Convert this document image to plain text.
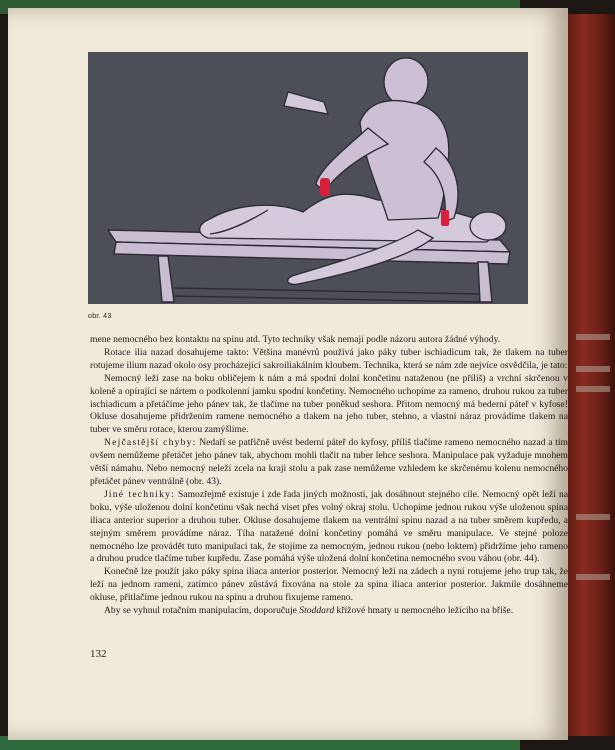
obr. 43

mene nemocného bez kontaktu na spinu atd. Tyto techniky však nemají podle názoru autora žádné výhody.

Rotace ilia nazad dosahujeme takto: Většina manévrů používá jako páky tuber ischiadicum tak, že tlakem na tuber rotujeme ilium nazad okolo osy procházející sakroiliakálním kloubem. Technika, která se nám zde nejvíce osvědčila, je tato:

Nemocný leží zase na boku obličejem k nám a má spodní dolní končetinu nataženou (ne příliš) a vrchní skrčenou v koleně a opírající se nártem o podkolenní jamku spodní končetiny. Nemocného uchopíme za rameno, druhou rukou za tuber ischiadicum a přetáčíme jeho pánev tak, že tlačíme na tuber poněkud seshora. Přitom nemocný má bederní páteř v kyfose! Okluse dosahujeme přidržením ramene nemocného a tlakem na jeho tuber, stehno, a vlastní náraz provádíme tlakem na tuber ve směru rotace, kterou zamýšlíme.

Nejčastější chyby: Nedaří se patřičně uvést bederní páteř do kyfosy, příliš tlačíme rameno nemocného nazad a tím ovšem nemůžeme přetáčet jeho pánev tak, abychom mohli tlačit na tuber lehce seshora. Manipulace pak vyžaduje mnohem větší námahu. Nebo nemocný neleží zcela na kraji stolu a pak zase nemůžeme vzhledem ke skrčenému kolenu nemocného přetáčet pánev ventrálně (obr. 43).

Jiné techniky: Samozřejmě existuje i zde řada jiných možností, jak dosáhnout stejného cíle. Nemocný opět leží na boku, výše uloženou dolní končetinu však nechá viset přes volný okraj stolu. Uchopíme jednou rukou výše uloženou spina iliaca anterior superior a druhou tuber. Okluse dosahujeme tlakem na ventrální spinu nazad a na tuber směrem kupředu, a stejným směrem provádíme náraz. Tíha natažené dolní končetiny pomáhá ve směru manipulace. Ve stejné poloze nemocného lze provádět tuto manipulaci tak, že stojíme za nemocným, jednou rukou (nebo loktem) přidržíme jeho rameno a druhou prudce tlačíme tuber kupředu. Zase pomáhá výše uložená dolní končetina nemocného svou váhou (obr. 44).

Konečně lze použít jako páky spina iliaca anterior posterior. Nemocný leží na zádech a nyní rotujeme jeho trup tak, že leží na jednom rameni, zatímco pánev zůstává fixována na stole za spina iliaca anterior posterior. Jakmile dosáhneme okluse, přitlačíme jednou rukou na spinu a druhou fixujeme rameno.

Aby se vyhnul rotačním manipulacím, doporučuje Stoddard křížové hmaty u nemocného ležícího na břiše.

132
